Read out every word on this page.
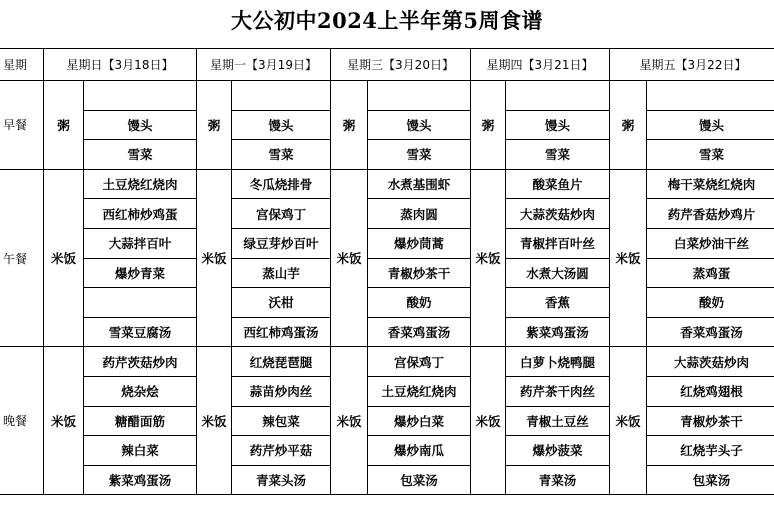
大公初中2024上半年第5周食谱
星期	星期日【3月18日】		星期一【3月19日】		星期三【3月20日】		星期四【3月21日】		星期五【3月22日】	
早餐	粥		粥		粥		粥		粥	
		馒头		馒头		馒头		馒头		馒头
		雪菜		雪菜		雪菜		雪菜		雪菜
午餐	米饭	土豆烧红烧肉	米饭	冬瓜烧排骨	米饭	水煮基围虾	米饭	酸菜鱼片	米饭	梅干菜烧红烧肉
		西红柿炒鸡蛋		宫保鸡丁		蒸肉圆		大蒜茨菇炒肉		药芹香菇炒鸡片
		大蒜拌百叶		绿豆芽炒百叶		爆炒茼蒿		青椒拌百叶丝		白菜炒油干丝
		爆炒青菜		蒸山芋		青椒炒茶干		水煮大汤圆		蒸鸡蛋
				沃柑		酸奶		香蕉		酸奶
		雪菜豆腐汤		西红柿鸡蛋汤		香菜鸡蛋汤		紫菜鸡蛋汤		香菜鸡蛋汤
晚餐	米饭	药芹茨菇炒肉	米饭	红烧琵琶腿	米饭	宫保鸡丁	米饭	白萝卜烧鸭腿	米饭	大蒜茨菇炒肉
		烧杂烩		蒜苗炒肉丝		土豆烧红烧肉		药芹茶干肉丝		红烧鸡翅根
		糖醋面筋		辣包菜		爆炒白菜		青椒土豆丝		青椒炒茶干
		辣白菜		药芹炒平菇		爆炒南瓜		爆炒菠菜		红烧芋头子
		紫菜鸡蛋汤		青菜头汤		包菜汤		青菜汤		包菜汤
